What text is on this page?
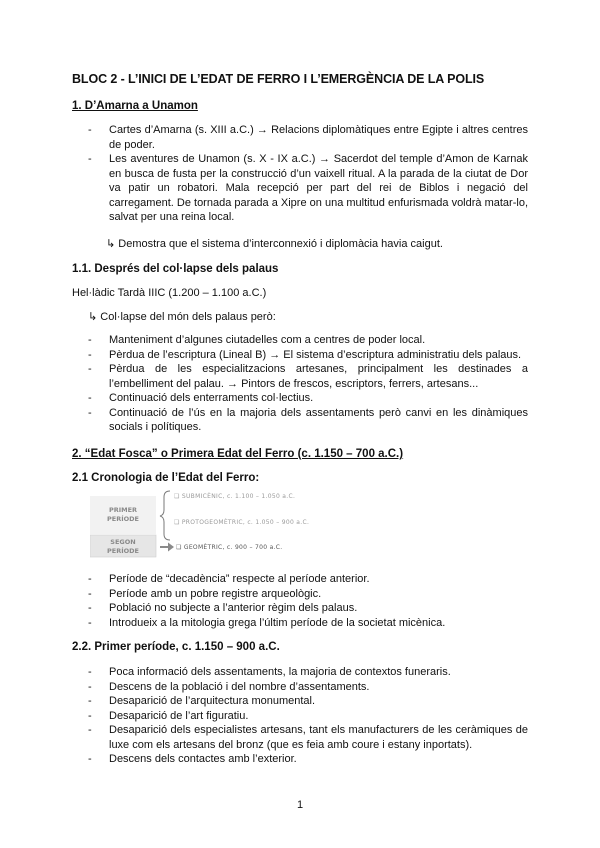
BLOC 2 - L’INICI DE L’EDAT DE FERRO I L’EMERGÈNCIA DE LA POLIS
1. D’Amarna a Unamon
- Cartes d’Amarna (s. XIII a.C.) → Relacions diplomàtiques entre Egipte i altres centres de poder.
- Les aventures de Unamon (s. X - IX a.C.) → Sacerdot del temple d’Amon de Karnak en busca de fusta per la construcció d’un vaixell ritual. A la parada de la ciutat de Dor va patir un robatori. Mala recepció per part del rei de Biblos i negació del carregament. De tornada parada a Xipre on una multitud enfurismada voldrà matar-lo, salvat per una reina local.
↳ Demostra que el sistema d’interconnexió i diplomàcia havia caigut.
1.1. Després del col·lapse dels palaus
Hel·làdic Tardà IIIC (1.200 – 1.100 a.C.)
↳ Col·lapse del món dels palaus però:
- Manteniment d’algunes ciutadelles com a centres de poder local.
- Pèrdua de l’escriptura (Lineal B) → El sistema d’escriptura administratiu dels palaus.
- Pèrdua de les especialitzacions artesanes, principalment les destinades a l’embelliment del palau. → Pintors de frescos, escriptors, ferrers, artesans...
- Continuació dels enterraments col·lectius.
- Continuació de l’ús en la majoria dels assentaments però canvi en les dinàmiques socials i polítiques.
2. “Edat Fosca” o Primera Edat del Ferro (c. 1.150 – 700 a.C.)
2.1 Cronologia de l’Edat del Ferro:
PRIMER
PERÍODE
SEGON
PERÍODE
❏ SUBMICÈNIC, c. 1.100 – 1.050 a.C.
❏ PROTOGEOMÈTRIC, c. 1.050 – 900 a.C.
❏ GEOMÈTRIC, c. 900 – 700 a.C.
- Període de “decadència” respecte al període anterior.
- Període amb un pobre registre arqueològic.
- Població no subjecte a l’anterior règim dels palaus.
- Introdueix a la mitologia grega l’últim període de la societat micènica.
2.2. Primer període, c. 1.150 – 900 a.C.
- Poca informació dels assentaments, la majoria de contextos funeraris.
- Descens de la població i del nombre d’assentaments.
- Desaparició de l’arquitectura monumental.
- Desaparició de l’art figuratiu.
- Desaparició dels especialistes artesans, tant els manufacturers de les ceràmiques de luxe com els artesans del bronz (que es feia amb coure i estany inportats).
- Descens dels contactes amb l’exterior.
1
